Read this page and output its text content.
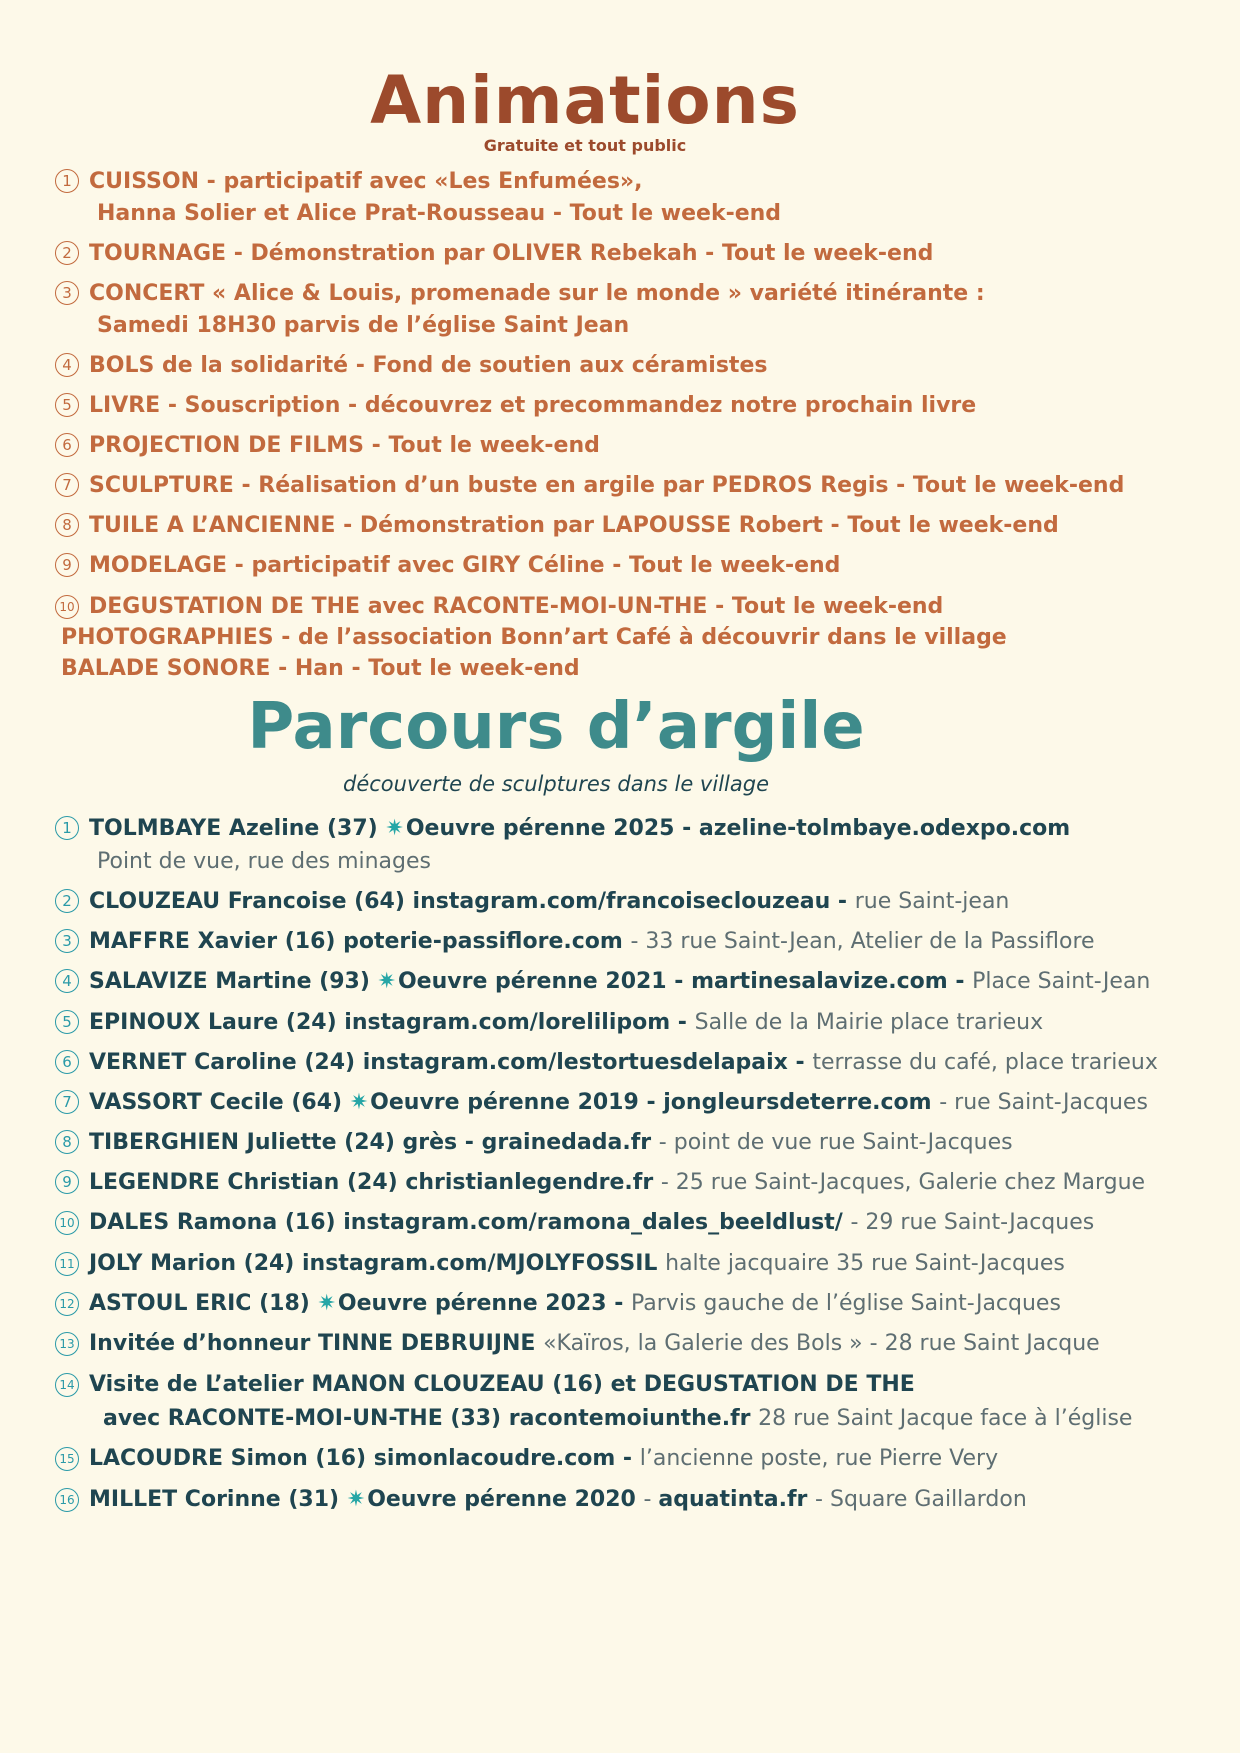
Animations
Gratuite et tout public
1 CUISSON - participatif avec «Les Enfumées»,
Hanna Solier et Alice Prat-Rousseau - Tout le week-end
2 TOURNAGE - Démonstration par OLIVER Rebekah - Tout le week-end
3 CONCERT « Alice & Louis, promenade sur le monde » variété itinérante :
Samedi 18H30 parvis de l’église Saint Jean
4 BOLS de la solidarité - Fond de soutien aux céramistes
5 LIVRE - Souscription - découvrez et precommandez notre prochain livre
6 PROJECTION DE FILMS - Tout le week-end
7 SCULPTURE - Réalisation d’un buste en argile par PEDROS Regis - Tout le week-end
8 TUILE A L’ANCIENNE - Démonstration par LAPOUSSE Robert - Tout le week-end
9 MODELAGE - participatif avec GIRY Céline - Tout le week-end
10 DEGUSTATION DE THE avec RACONTE-MOI-UN-THE - Tout le week-end
PHOTOGRAPHIES - de l’association Bonn’art Café à découvrir dans le village
BALADE SONORE - Han - Tout le week-end
Parcours d’argile
découverte de sculptures dans le village
1 TOLMBAYE Azeline (37) ✷Oeuvre pérenne 2025 - azeline-tolmbaye.odexpo.com
Point de vue, rue des minages
2 CLOUZEAU Francoise (64) instagram.com/francoiseclouzeau - rue Saint-jean
3 MAFFRE Xavier (16) poterie-passiflore.com - 33 rue Saint-Jean, Atelier de la Passiflore
4 SALAVIZE Martine (93) ✷Oeuvre pérenne 2021 - martinesalavize.com - Place Saint-Jean
5 EPINOUX Laure (24) instagram.com/lorelilipom - Salle de la Mairie place trarieux
6 VERNET Caroline (24) instagram.com/lestortuesdelapaix - terrasse du café, place trarieux
7 VASSORT Cecile (64) ✷Oeuvre pérenne 2019 - jongleursdeterre.com - rue Saint-Jacques
8 TIBERGHIEN Juliette (24) grès - grainedada.fr - point de vue rue Saint-Jacques
9 LEGENDRE Christian (24) christianlegendre.fr - 25 rue Saint-Jacques, Galerie chez Margue
10 DALES Ramona (16) instagram.com/ramona_dales_beeldlust/ - 29 rue Saint-Jacques
11 JOLY Marion (24) instagram.com/MJOLYFOSSIL halte jacquaire 35 rue Saint-Jacques
12 ASTOUL ERIC (18) ✷Oeuvre pérenne 2023 - Parvis gauche de l’église Saint-Jacques
13 Invitée d’honneur TINNE DEBRUIJNE «Kaïros, la Galerie des Bols » - 28 rue Saint Jacque
14 Visite de L’atelier MANON CLOUZEAU (16) et DEGUSTATION DE THE
avec RACONTE-MOI-UN-THE (33) racontemoiunthe.fr 28 rue Saint Jacque face à l’église
15 LACOUDRE Simon (16) simonlacoudre.com - l’ancienne poste, rue Pierre Very
16 MILLET Corinne (31) ✷Oeuvre pérenne 2020 - aquatinta.fr - Square Gaillardon
